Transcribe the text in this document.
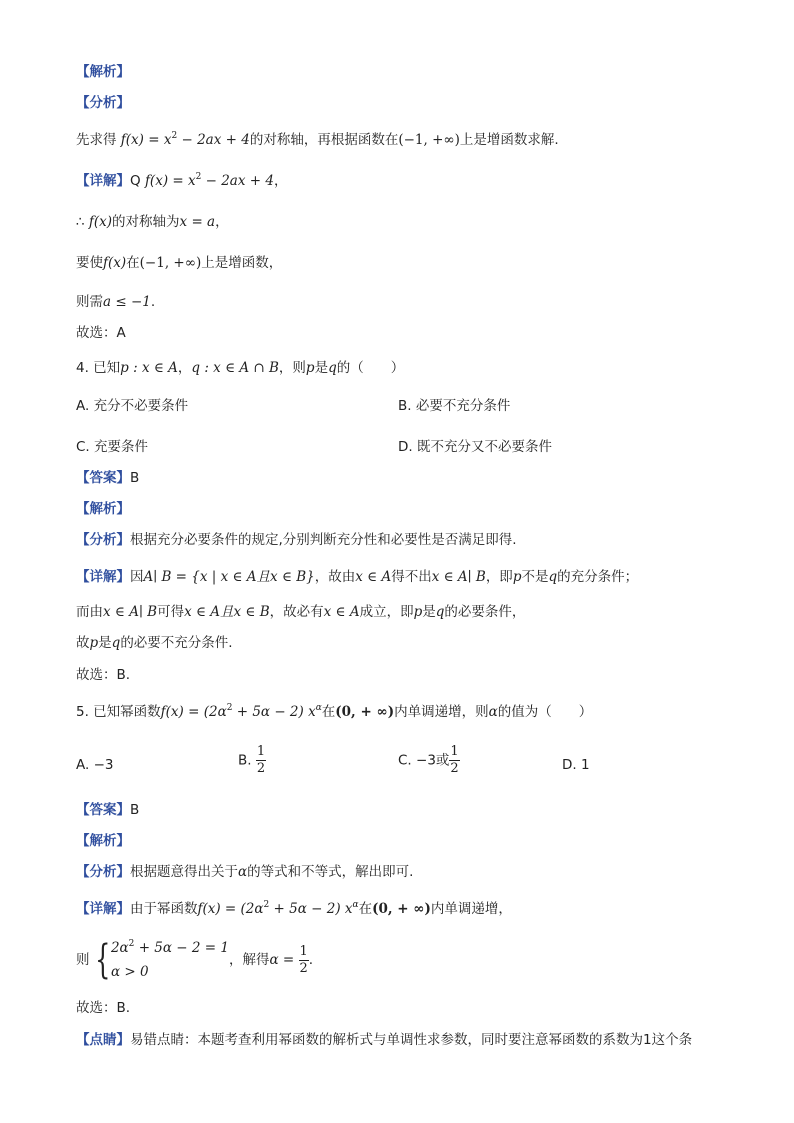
【解析】
【分析】
先求得 $f(x) = x^2 - 2ax + 4$的对称轴，再根据函数在(−1, +∞)上是增函数求解.
【详解】Q $f(x) = x^2 - 2ax + 4$，
∴ f(x)的对称轴为x = a，
要使f(x)在(−1, +∞)上是增函数，
则需a ≤ −1.
故选：A
4. 已知p : x ∈ A，q : x ∈ A ∩ B，则p是q的（　　）
A. 充分不必要条件	B. 必要不充分条件
C. 充要条件	D. 既不充分又不必要条件
【答案】B
【解析】
【分析】根据充分必要条件的规定,分别判断充分性和必要性是否满足即得.
【详解】因A∣ B = {x | x ∈ A且x ∈ B}，故由x ∈ A得不出x ∈ A∣ B，即p不是q的充分条件；
而由x ∈ A∣ B可得x ∈ A且x ∈ B，故必有x ∈ A成立，即p是q的必要条件，
故p是q的必要不充分条件.
故选：B.
5. 已知幂函数$f(x) = (2\alpha^2 + 5\alpha - 2)$ $x^\alpha$在(0, + ∞)内单调递增，则α的值为（　　）
A. −3	B. $\frac{1}{2}$	C. −3或 $\frac{1}{2}$	D. 1
【答案】B
【解析】
【分析】根据题意得出关于α的等式和不等式，解出即可.
【详解】由于幂函数$f(x) = (2\alpha^2 + 5\alpha - 2)$ $x^\alpha$在(0, + ∞)内单调递增，
则 { $2\alpha^2 + 5\alpha - 2 = 1$
α > 0
，解得$\alpha = \frac{1}{2}$ .
故选：B.
【点睛】易错点睛：本题考查利用幂函数的解析式与单调性求参数，同时要注意幂函数的系数为1这个条
